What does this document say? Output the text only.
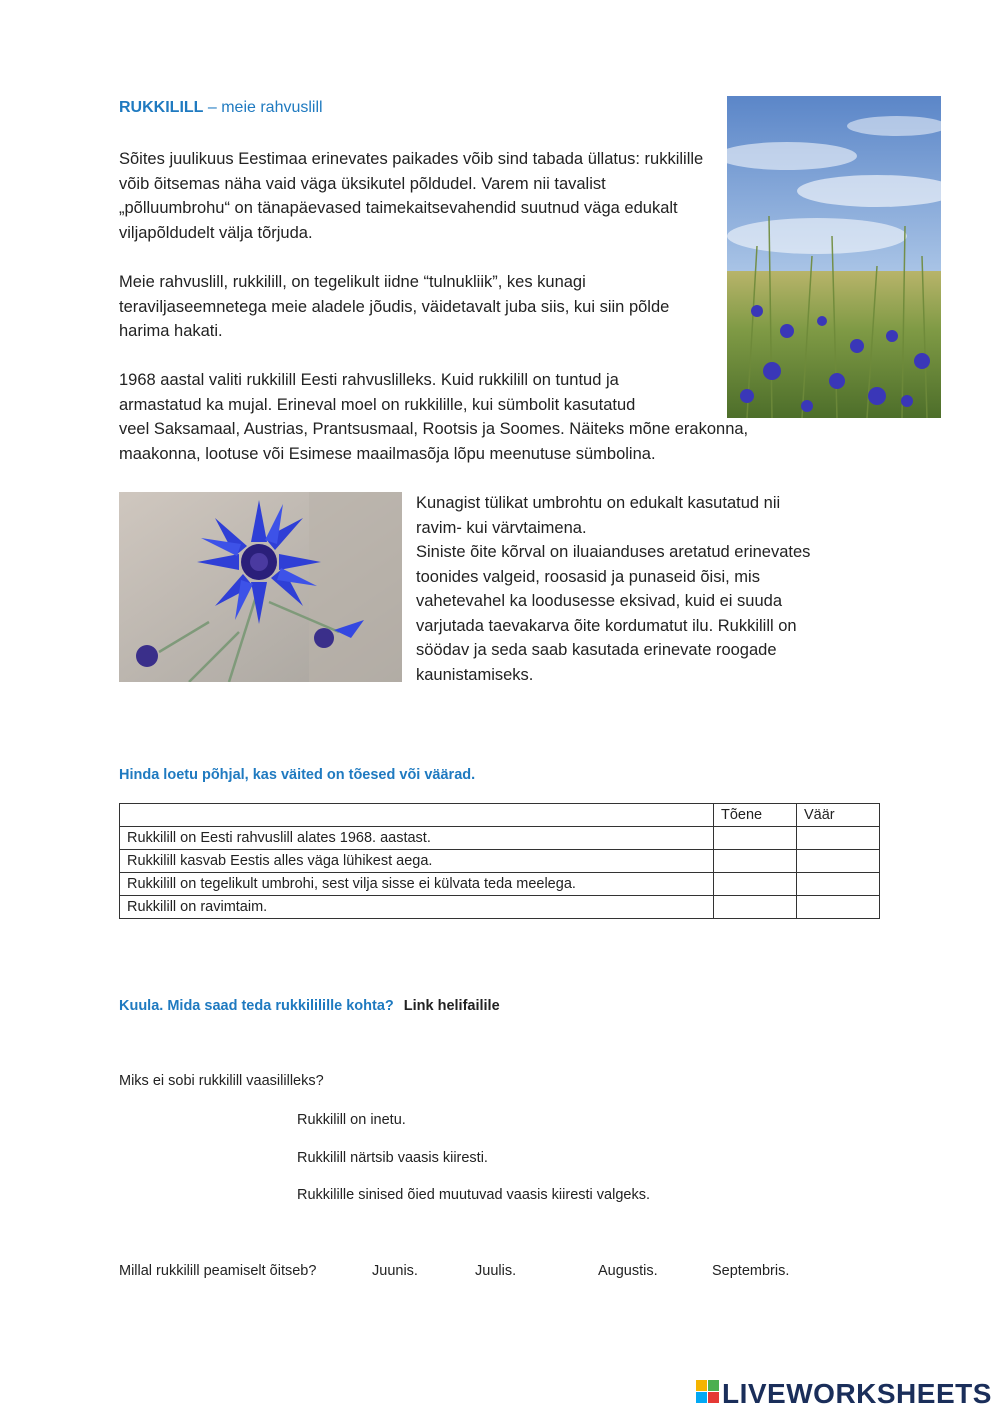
RUKKILILL – meie rahvuslill
Sõites juulikuus Eestimaa erinevates paikades võib sind tabada üllatus: rukkilille võib õitsemas näha vaid väga üksikutel põldudel. Varem nii tavalist „põlluumbrohu“ on tänapäevased taimekaitsevahendid suutnud väga edukalt viljapõldudelt välja tõrjuda.
Meie rahvuslill, rukkilill, on tegelikult iidne “tulnukliik”, kes kunagi teraviljaseemnetega meie aladele jõudis, väidetavalt juba siis, kui siin põlde harima hakati.
1968 aastal valiti rukkilill Eesti rahvuslilleks. Kuid rukkilill on tuntud ja
armastatud ka mujal. Erineval moel on rukkilille, kui sümbolit kasutatud
veel Saksamaal, Austrias, Prantsusmaal, Rootsis ja Soomes. Näiteks mõne erakonna,
maakonna, lootuse või Esimese maailmasõja lõpu meenutuse sümbolina.
Kunagist tülikat umbrohtu on edukalt kasutatud nii
ravim- kui värvtaimena.
Siniste õite kõrval on iluaianduses aretatud erinevates
toonides valgeid, roosasid ja punaseid õisi, mis
vahetevahel ka loodusesse eksivad, kuid ei suuda
varjutada taevakarva õite kordumatut ilu. Rukkilill on
söödav ja seda saab kasutada erinevate roogade
kaunistamiseks.
Hinda loetu põhjal, kas väited on tõesed või väärad.
	Tõene	Väär
Rukkilill on Eesti rahvuslill alates 1968. aastast.		
Rukkilill kasvab Eestis alles väga lühikest aega.		
Rukkilill on tegelikult umbrohi, sest vilja sisse ei külvata teda meelega.		
Rukkilill on ravimtaim.		
Kuula. Mida saad teda rukkililille kohta? Link helifailile
Miks ei sobi rukkilill vaasilille​ks?
Rukkilill on inetu.
Rukkilill närtsib vaasis kiiresti.
Rukkilille sinised õied muutuvad vaasis kiiresti valgeks.
Millal rukkilill peamiselt õitseb?	Juunis.	Juulis.	Augustis.	Septembris.
LIVEWORKSHEETS
